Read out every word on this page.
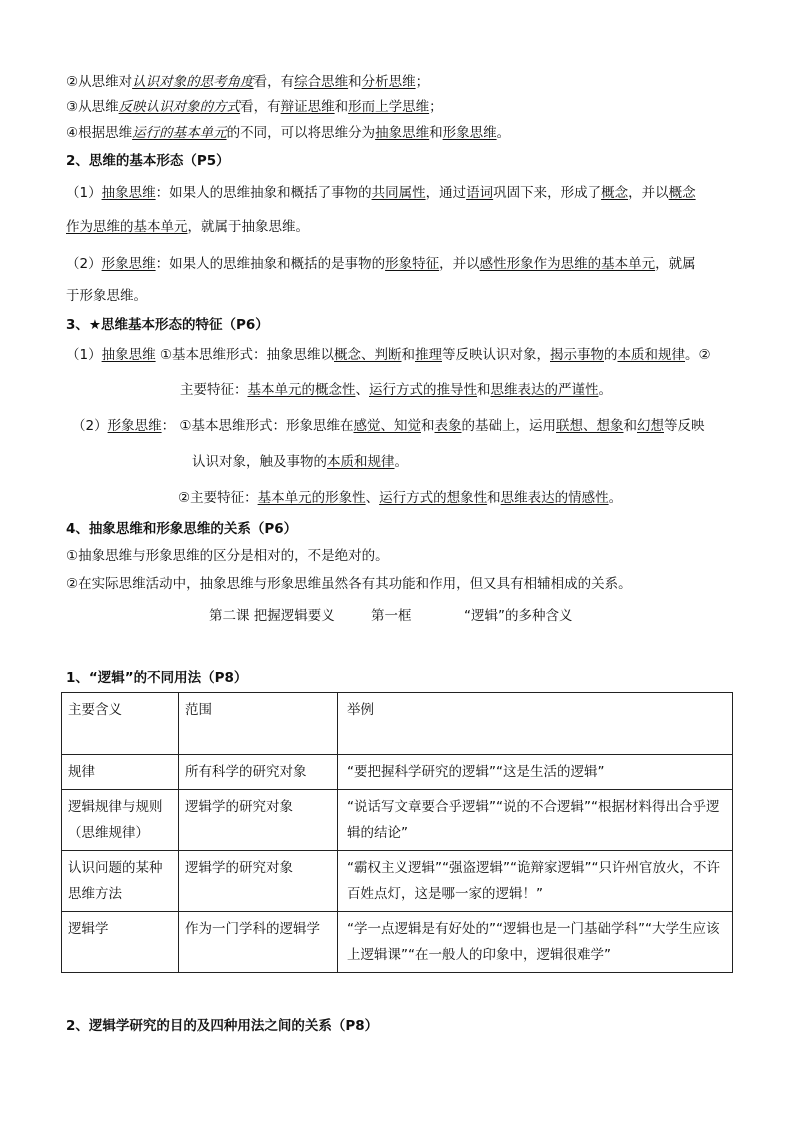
②从思维对认识对象的思考角度看，有综合思维和分析思维；
③从思维反映认识对象的方式看，有辩证思维和形而上学思维；
④根据思维运行的基本单元的不同，可以将思维分为抽象思维和形象思维。
2、思维的基本形态（P5）
（1）抽象思维：如果人的思维抽象和概括了事物的共同属性，通过语词巩固下来，形成了概念，并以概念
作为思维的基本单元，就属于抽象思维。
（2）形象思维：如果人的思维抽象和概括的是事物的形象特征，并以感性形象作为思维的基本单元，就属
于形象思维。
3、★思维基本形态的特征（P6）
（1）抽象思维 ①基本思维形式：抽象思维以概念、判断和推理等反映认识对象，揭示事物的本质和规律。②
主要特征：基本单元的概念性、运行方式的推导性和思维表达的严谨性。
（2）形象思维： ①基本思维形式：形象思维在感觉、知觉和表象的基础上，运用联想、想象和幻想等反映
认识对象，触及事物的本质和规律。
②主要特征：基本单元的形象性、运行方式的想象性和思维表达的情感性。
4、抽象思维和形象思维的关系（P6）
①抽象思维与形象思维的区分是相对的，不是绝对的。
②在实际思维活动中，抽象思维与形象思维虽然各有其功能和作用，但又具有相辅相成的关系。
第二课 把握逻辑要义	第一框	“逻辑”的多种含义
1、“逻辑”的不同用法（P8）
主要含义	范围	举例
规律	所有科学的研究对象	“要把握科学研究的逻辑”“这是生活的逻辑”
逻辑规律与规则（思维规律）	逻辑学的研究对象	“说话写文章要合乎逻辑”“说的不合逻辑”“根据材料得出合乎逻辑的结论”
认识问题的某种思维方法	逻辑学的研究对象	“霸权主义逻辑”“强盗逻辑”“诡辩家逻辑”“只许州官放火，不许百姓点灯，这是哪一家的逻辑！”
逻辑学	作为一门学科的逻辑学	“学一点逻辑是有好处的”“逻辑也是一门基础学科”“大学生应该上逻辑课”“在一般人的印象中，逻辑很难学”
2、逻辑学研究的目的及四种用法之间的关系（P8）
